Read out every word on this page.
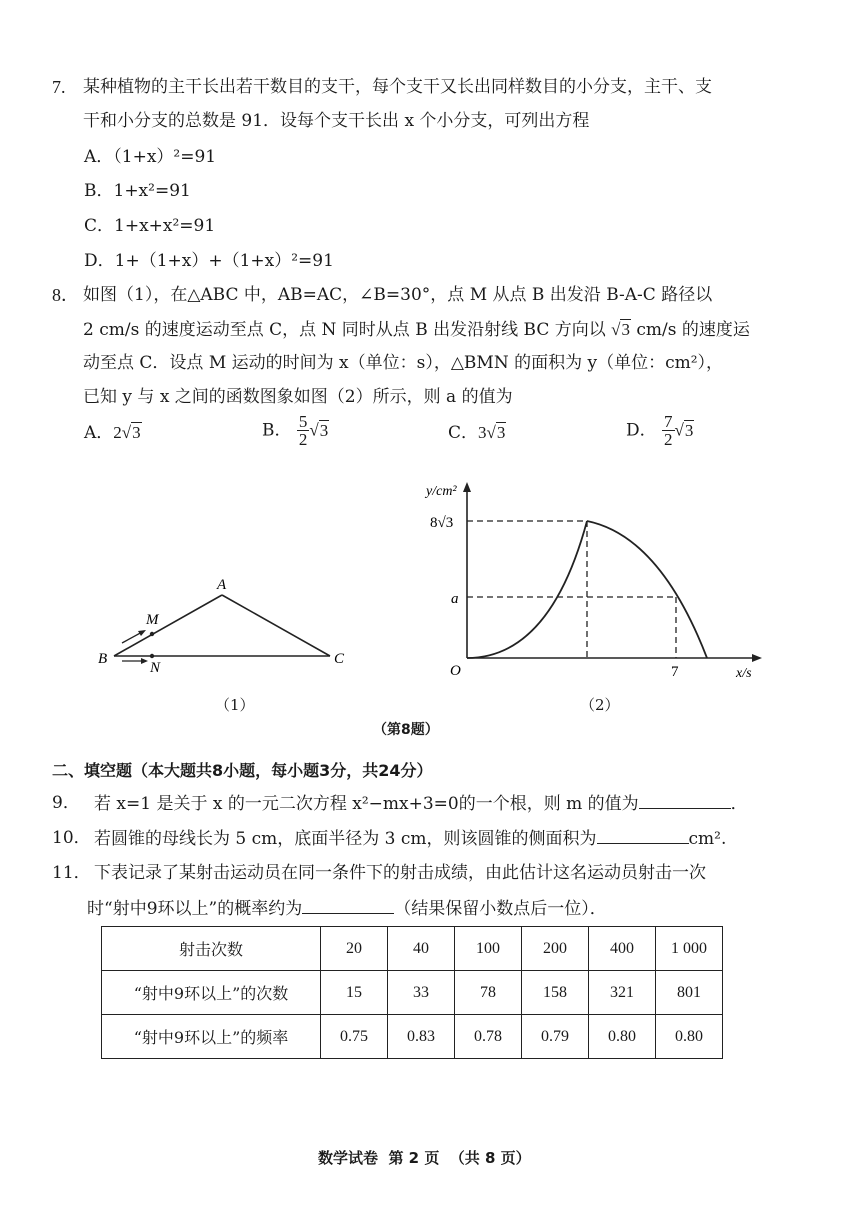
7. 某种植物的主干长出若干数目的支干，每个支干又长出同样数目的小分支，主干、支
干和小分支的总数是 91．设每个支干长出 x 个小分支，可列出方程
A．（1+x）²=91
B．1+x²=91
C．1+x+x²=91
D．1+（1+x）+（1+x）²=91
8． 如图（1），在△ABC 中，AB=AC，∠B=30°，点 M 从点 B 出发沿 B-A-C 路径以
2 cm/s 的速度运动至点 C，点 N 同时从点 B 出发沿射线 BC 方向以 √3 cm/s 的速度运
动至点 C．设点 M 运动的时间为 x（单位：s），△BMN 的面积为 y（单位：cm²），
已知 y 与 x 之间的函数图象如图（2）所示，则 a 的值为
A．2√3	B． $\frac{5}{2} √3$	C．3√3	D． $\frac{7}{2} √3$
A
B	C
M
N
（1）
y/cm²
x/s
O
8√3
a
7
（2）
（第8题）
二、填空题（本大题共8小题，每小题3分，共24分）
9． 若 x=1 是关于 x 的一元二次方程 x²−mx+3=0的一个根，则 m 的值为	．
10． 若圆锥的母线长为 5 cm，底面半径为 3 cm，则该圆锥的侧面积为	cm².
11． 下表记录了某射击运动员在同一条件下的射击成绩，由此估计这名运动员射击一次
时“射中9环以上”的概率约为	（结果保留小数点后一位）．
射击次数	20	40	100	200	400	1 000
“射中9环以上”的次数	15	33	78	158	321	801
“射中9环以上”的频率	0.75	0.83	0.78	0.79	0.80	0.80
数学试卷  第 2 页  （共 8 页）
